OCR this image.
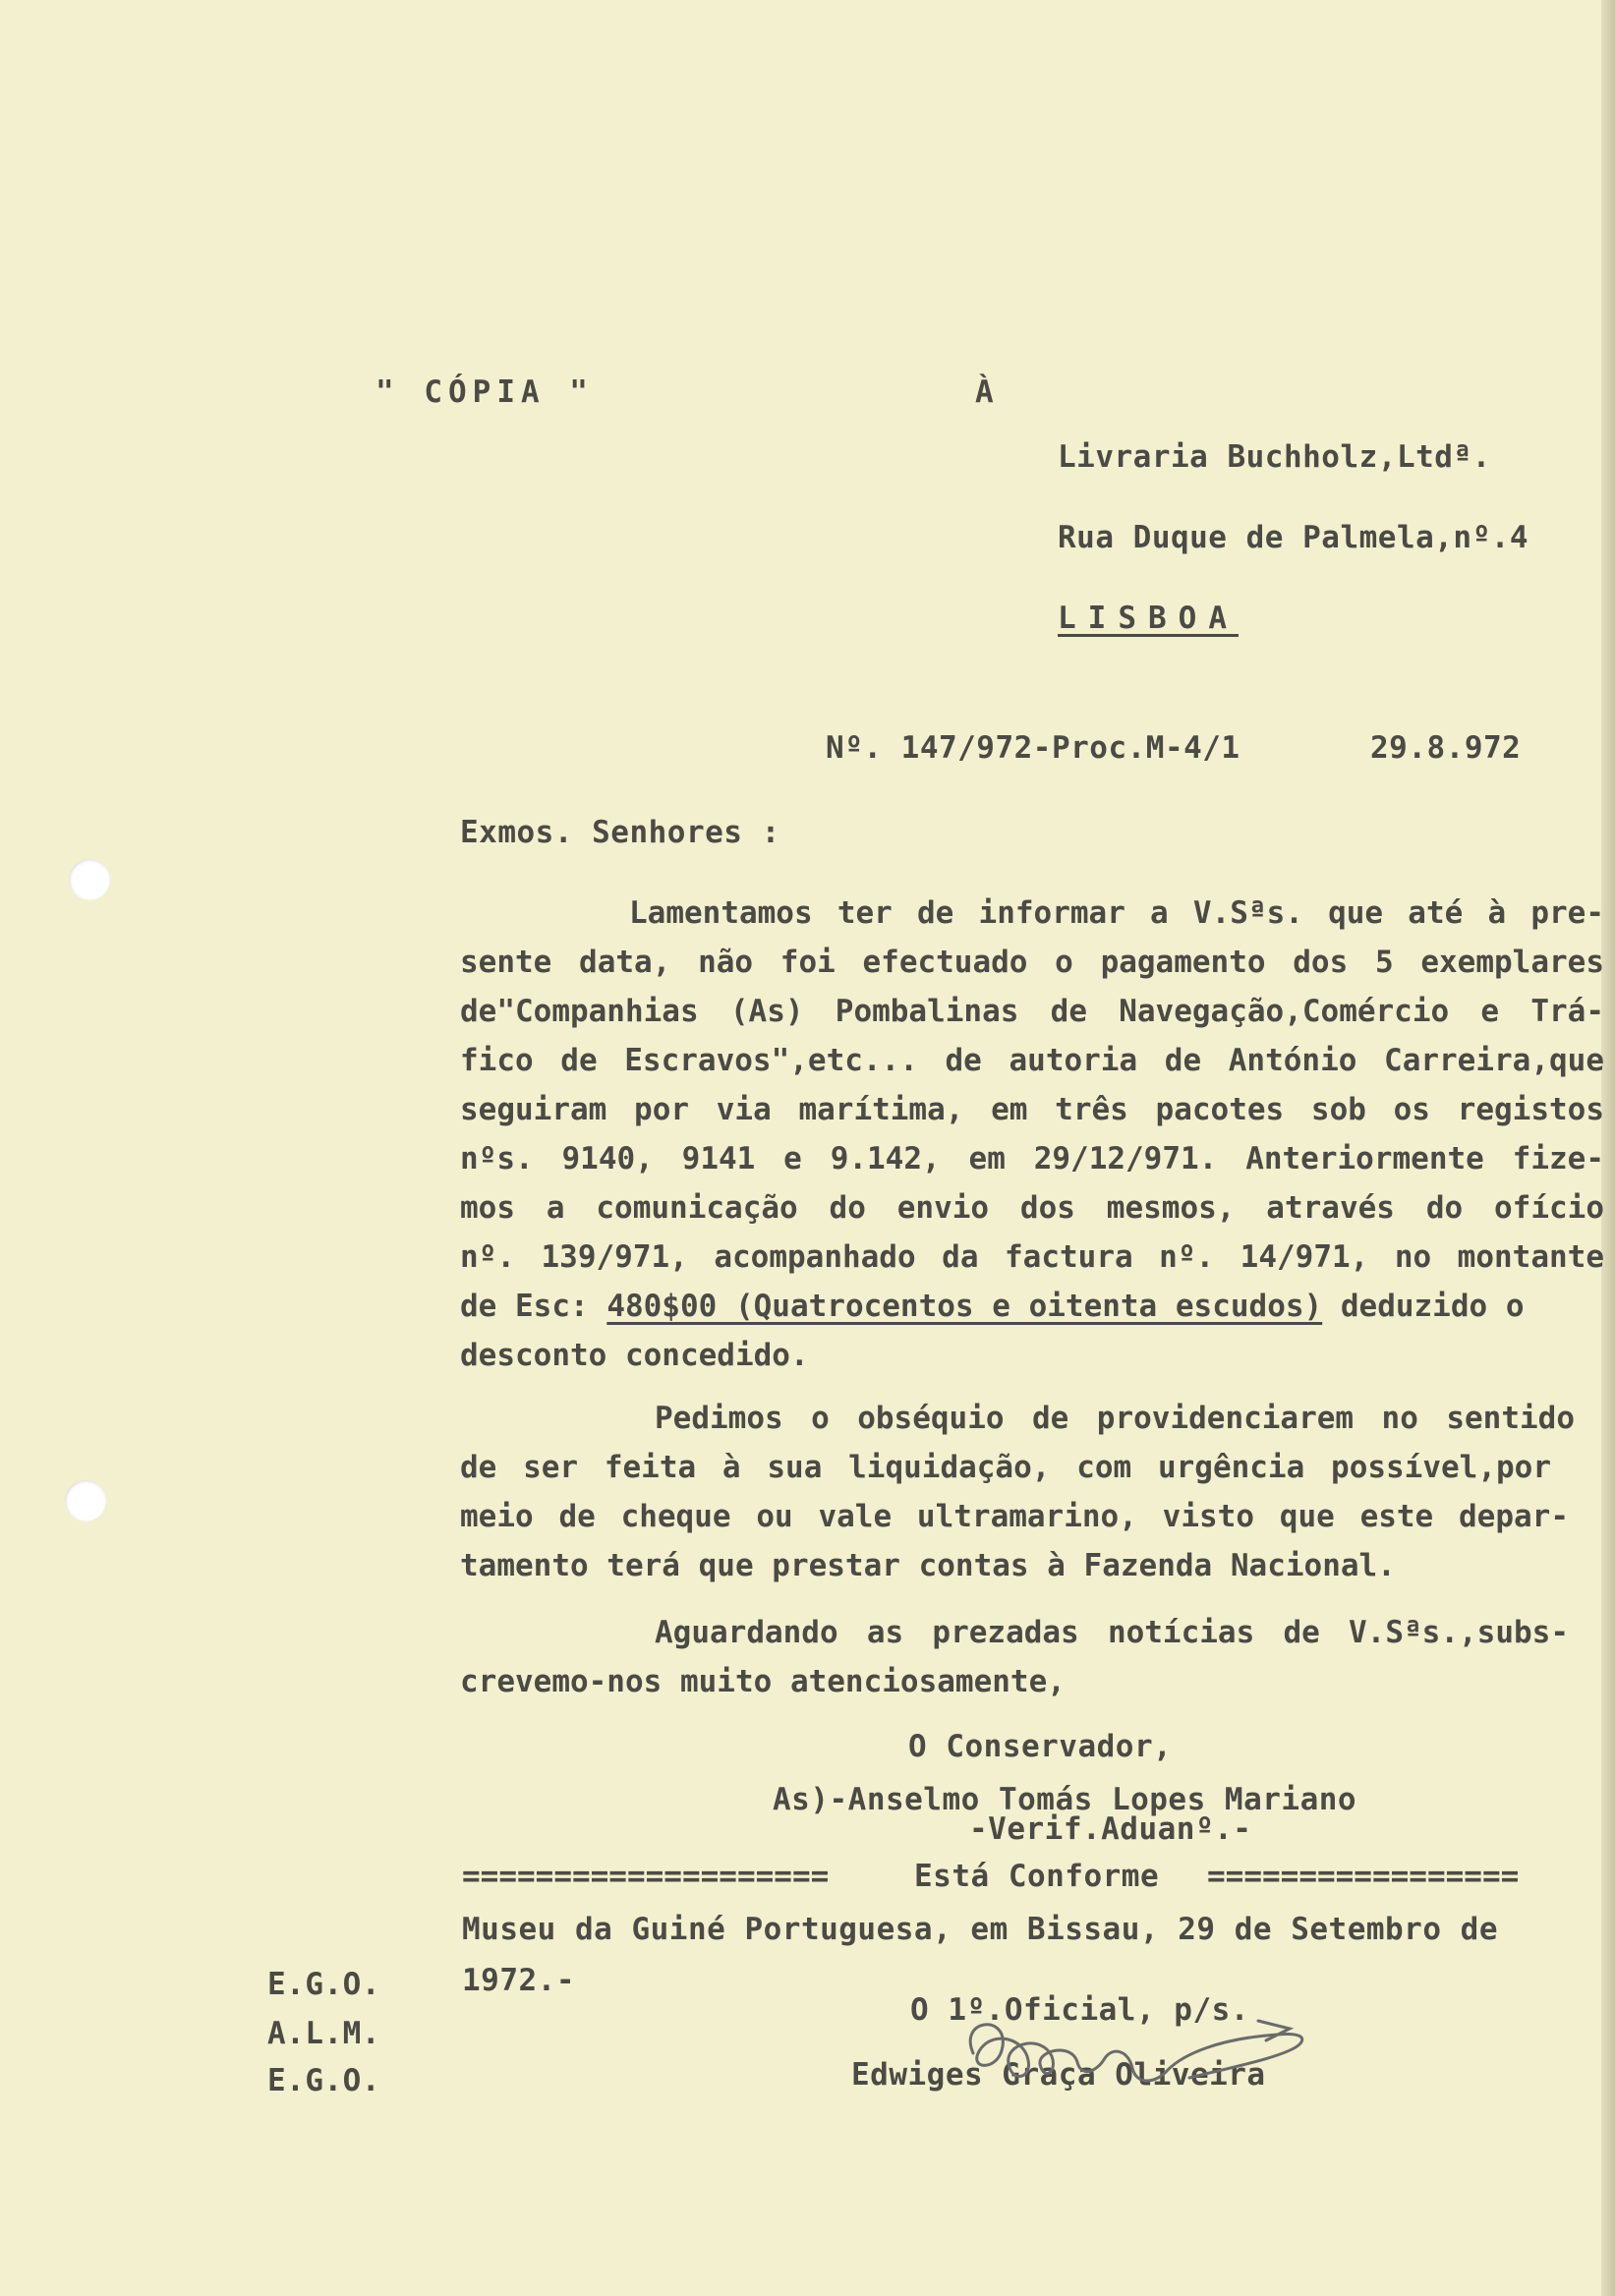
" CÓPIA "	À

Livraria Buchholz,Ltdª.

Rua Duque de Palmela,nº.4

LISBOA

Nº. 147/972-Proc.M-4/1	29.8.972

Exmos. Senhores :

Lamentamos ter de informar a V.Sªs. que até à pre-

sente data, não foi efectuado o pagamento dos 5 exemplares

de"Companhias (As) Pombalinas de Navegação,Comércio e Trá-

fico de Escravos",etc... de autoria de António Carreira,que

seguiram por via marítima, em três pacotes sob os registos

nºs. 9140, 9141 e 9.142, em 29/12/971. Anteriormente fize-

mos a comunicação do envio dos mesmos, através do ofício

nº. 139/971, acompanhado da factura nº. 14/971, no montante

de Esc: 480$00 (Quatrocentos e oitenta escudos) deduzido o

desconto concedido.

Pedimos o obséquio de providenciarem no sentido

de ser feita à sua liquidação, com urgência possível,por

meio de cheque ou vale ultramarino, visto que este depar-

tamento terá que prestar contas à Fazenda Nacional.

Aguardando as prezadas notícias de V.Sªs.,subs-

crevemo-nos muito atenciosamente,

O Conservador,

As)-Anselmo Tomás Lopes Mariano

-Verif.Aduanº.-

====================	Está Conforme =================

Museu da Guiné Portuguesa, em Bissau, 29 de Setembro de

1972.-

O 1º.Oficial, p/s.

Edwiges Graça Oliveira

E.G.O.

A.L.M.

E.G.O.
